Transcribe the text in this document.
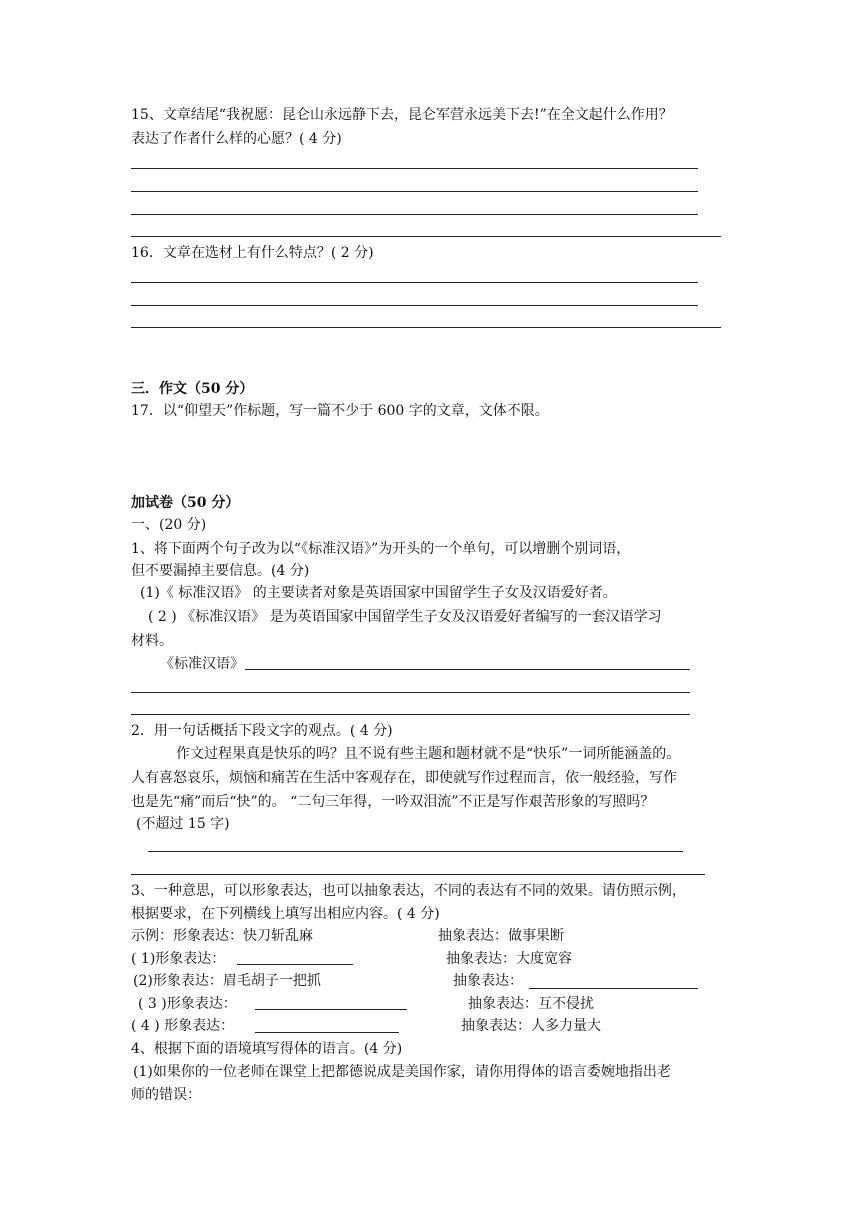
15、文章结尾“我祝愿：昆仑山永远静下去，昆仑军营永远美下去!”在全文起什么作用？
表达了作者什么样的心愿？( 4 分)
16．文章在选材上有什么特点？( 2 分)
三．作文（50 分）
17．以“仰望天”作标题，写一篇不少于 600 字的文章，文体不限。
加试卷（50 分）
一、(20 分)
1、将下面两个句子改为以“《标准汉语》”为开头的一个单句，可以增删个别词语，
但不要漏掉主要信息。(4 分)
(1)《 标准汉语》 的主要读者对象是英语国家中国留学生子女及汉语爱好者。
( 2 ) 《标准汉语》 是为英语国家中国留学生子女及汉语爱好者编写的一套汉语学习
材料。
《标准汉语》
2．用一句话概括下段文字的观点。( 4 分)
作文过程果真是快乐的吗？且不说有些主题和题材就不是“快乐”一词所能涵盖的。
人有喜怒哀乐，烦恼和痛苦在生活中客观存在，即使就写作过程而言，依一般经验，写作
也是先“痛”而后“快”的。 “二句三年得，一吟双泪流”不正是写作艰苦形象的写照吗？
(不超过 15 字)
3、一种意思，可以形象表达，也可以抽象表达，不同的表达有不同的效果。请仿照示例，
根据要求，在下列横线上填写出相应内容。( 4 分)
示例：形象表达：快刀斩乱麻	抽象表达：做事果断
( 1)形象表达：	抽象表达：大度宽容
(2)形象表达：眉毛胡子一把抓	抽象表达：
( 3 )形象表达：	抽象表达：互不侵扰
( 4 ) 形象表达：	抽象表达：人多力量大
4、根据下面的语境填写得体的语言。(4 分)
(1)如果你的一位老师在课堂上把都德说成是美国作家，请你用得体的语言委婉地指出老
师的错误：
